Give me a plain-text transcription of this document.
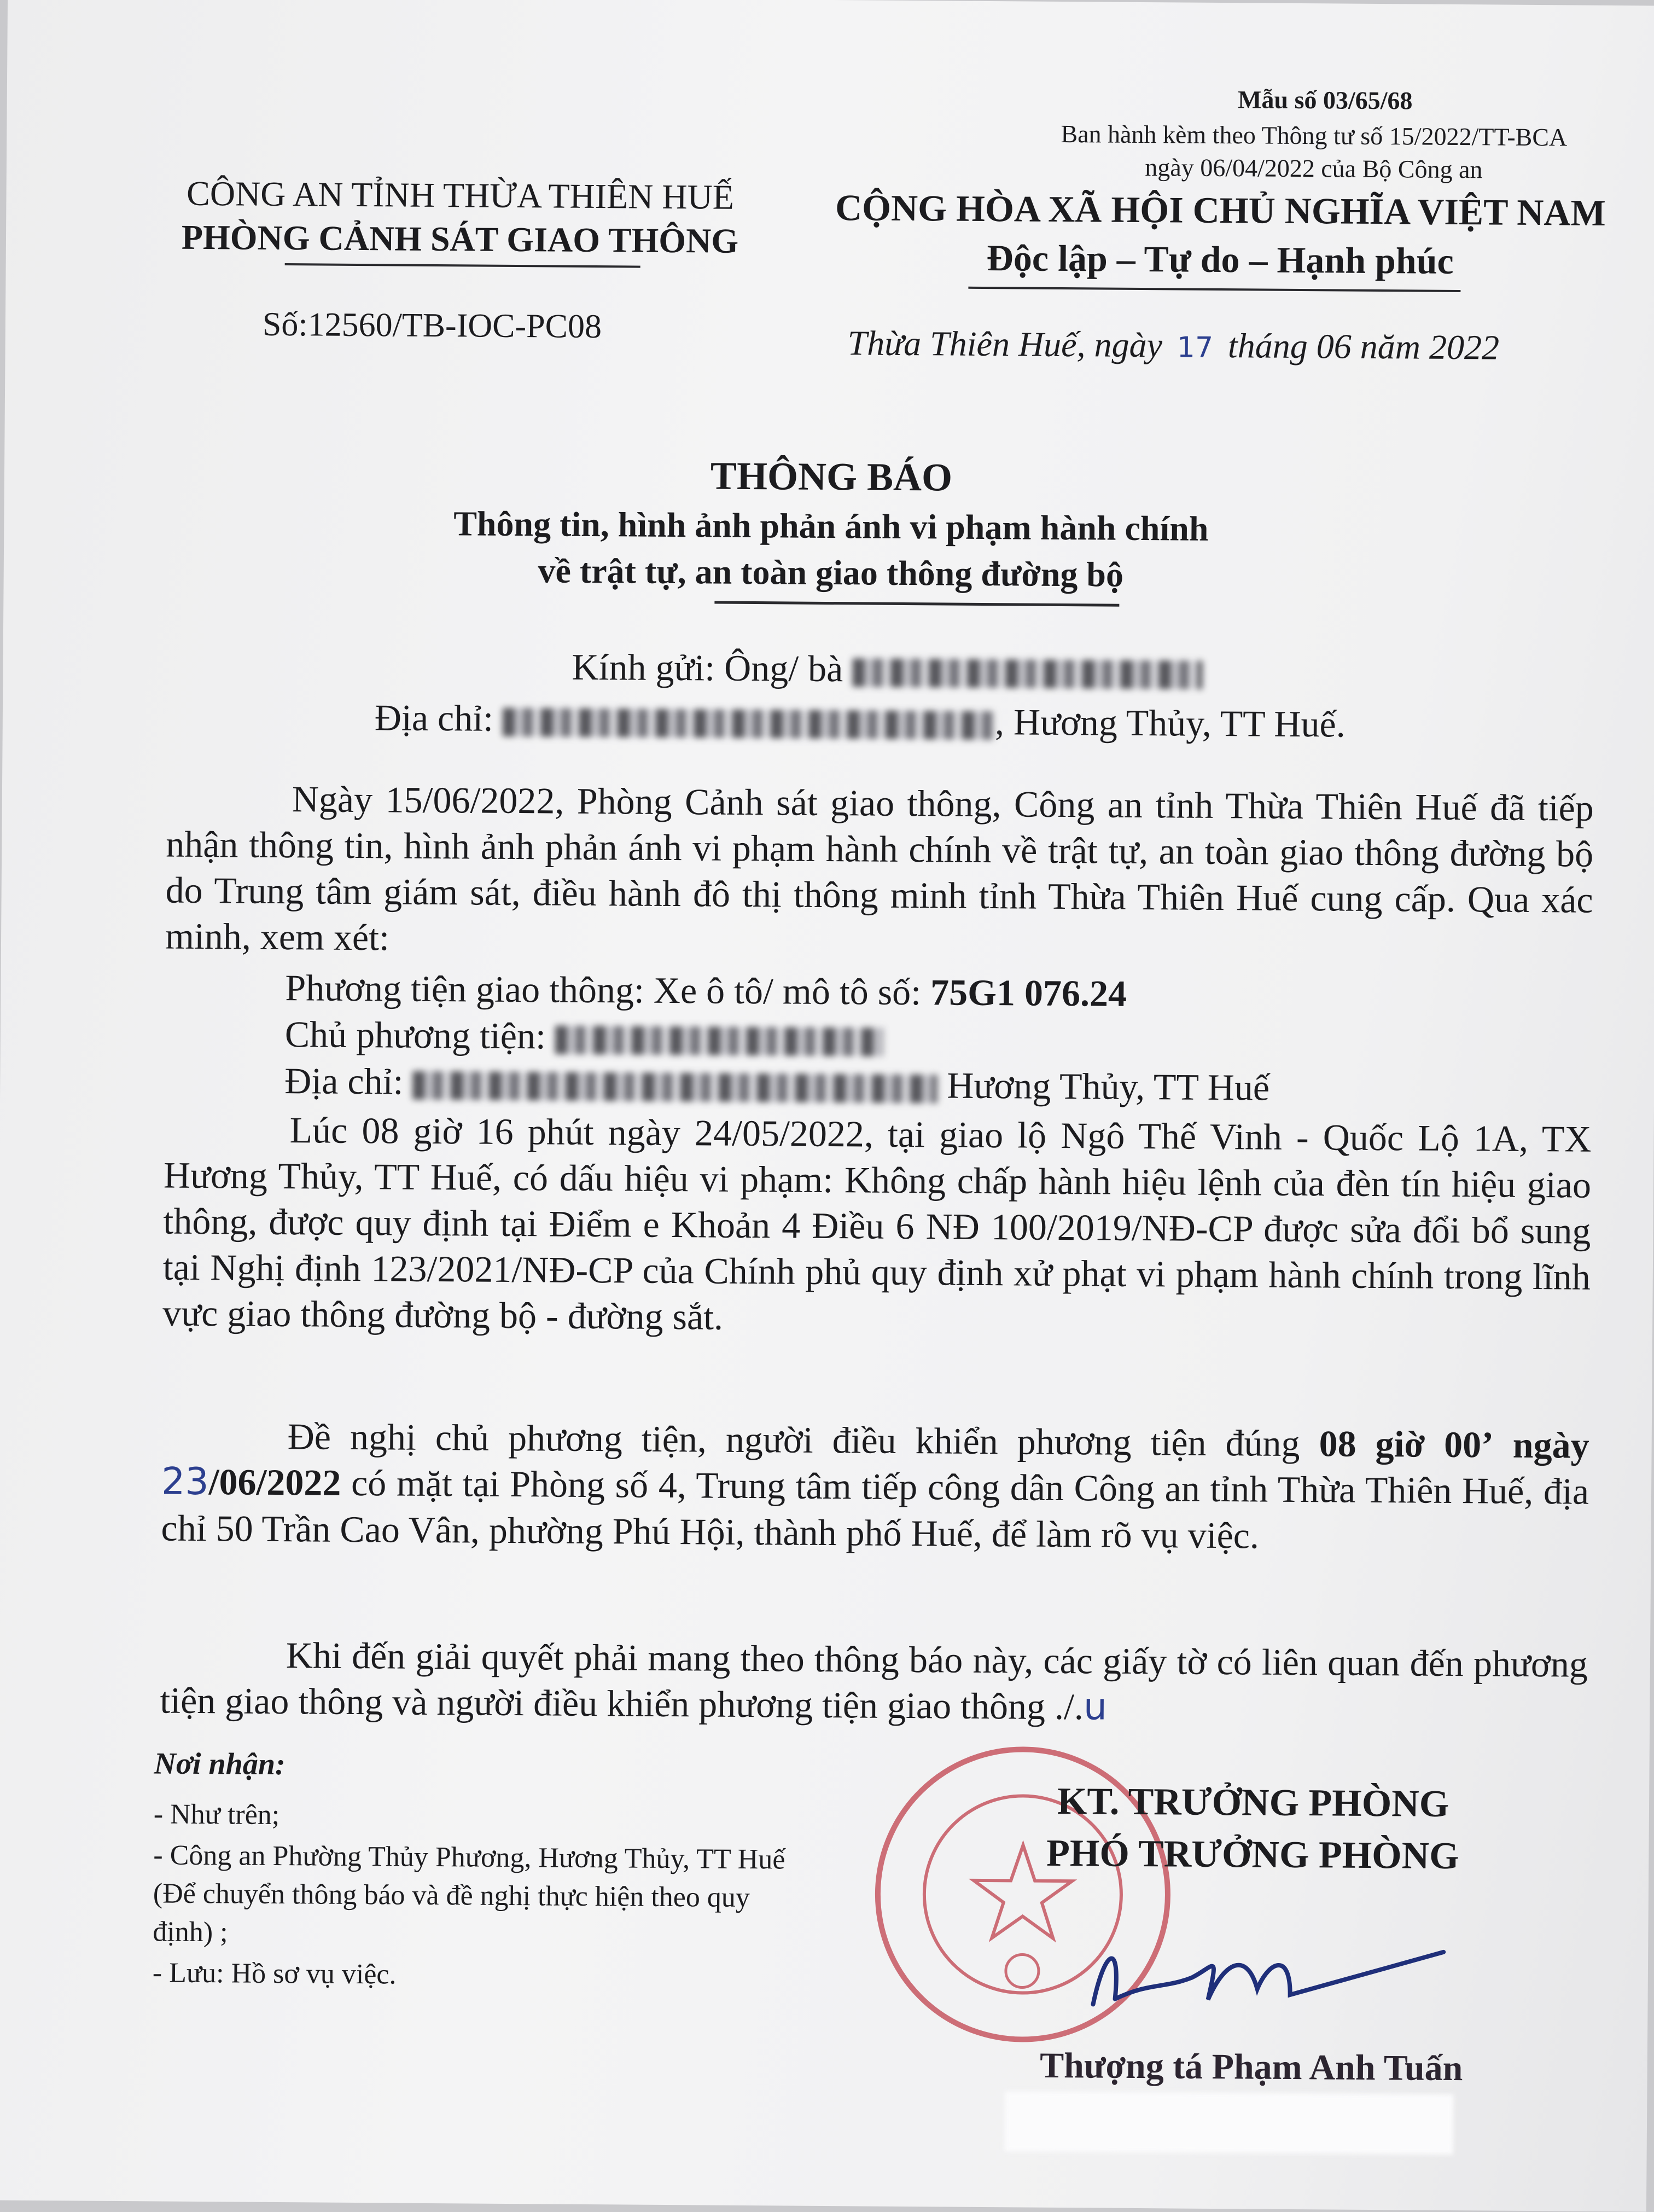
Mẫu số 03/65/68
Ban hành kèm theo Thông tư số 15/2022/TT-BCA
ngày 06/04/2022 của Bộ Công an
CÔNG AN TỈNH THỪA THIÊN HUẾ
PHÒNG CẢNH SÁT GIAO THÔNG
CỘNG HÒA XÃ HỘI CHỦ NGHĨA VIỆT NAM
Độc lập – Tự do – Hạnh phúc
Số:12560/TB-IOC-PC08	Thừa Thiên Huế, ngày 17 tháng 06 năm 2022
THÔNG BÁO
Thông tin, hình ảnh phản ánh vi phạm hành chính
về trật tự, an toàn giao thông đường bộ
Kính gửi: Ông/ bà
Địa chỉ:	, Hương Thủy, TT Huế.
Ngày 15/06/2022, Phòng Cảnh sát giao thông, Công an tỉnh Thừa Thiên Huế đã tiếp nhận thông tin, hình ảnh phản ánh vi phạm hành chính về trật tự, an toàn giao thông đường bộ do Trung tâm giám sát, điều hành đô thị thông minh tỉnh Thừa Thiên Huế cung cấp. Qua xác minh, xem xét:
Phương tiện giao thông: Xe ô tô/ mô tô số: 75G1 076.24
Chủ phương tiện:
Địa chỉ:	Hương Thủy, TT Huế
Lúc 08 giờ 16 phút ngày 24/05/2022, tại giao lộ Ngô Thế Vinh - Quốc Lộ 1A, TX Hương Thủy, TT Huế, có dấu hiệu vi phạm: Không chấp hành hiệu lệnh của đèn tín hiệu giao thông, được quy định tại Điểm e Khoản 4 Điều 6 NĐ 100/2019/NĐ-CP được sửa đổi bổ sung tại Nghị định 123/2021/NĐ-CP của Chính phủ quy định xử phạt vi phạm hành chính trong lĩnh vực giao thông đường bộ - đường sắt.
Đề nghị chủ phương tiện, người điều khiển phương tiện đúng 08 giờ 00’ ngày 23/06/2022 có mặt tại Phòng số 4, Trung tâm tiếp công dân Công an tỉnh Thừa Thiên Huế, địa chỉ 50 Trần Cao Vân, phường Phú Hội, thành phố Huế, để làm rõ vụ việc.
Khi đến giải quyết phải mang theo thông báo này, các giấy tờ có liên quan đến phương tiện giao thông và người điều khiển phương tiện giao thông ./.u
Nơi nhận:
- Như trên;
- Công an Phường Thủy Phương, Hương Thủy, TT Huế (Để chuyển thông báo và đề nghị thực hiện theo quy định) ;
- Lưu: Hồ sơ vụ việc.
KT. TRƯỞNG PHÒNG
PHÓ TRƯỞNG PHÒNG
Thượng tá Phạm Anh Tuấn
